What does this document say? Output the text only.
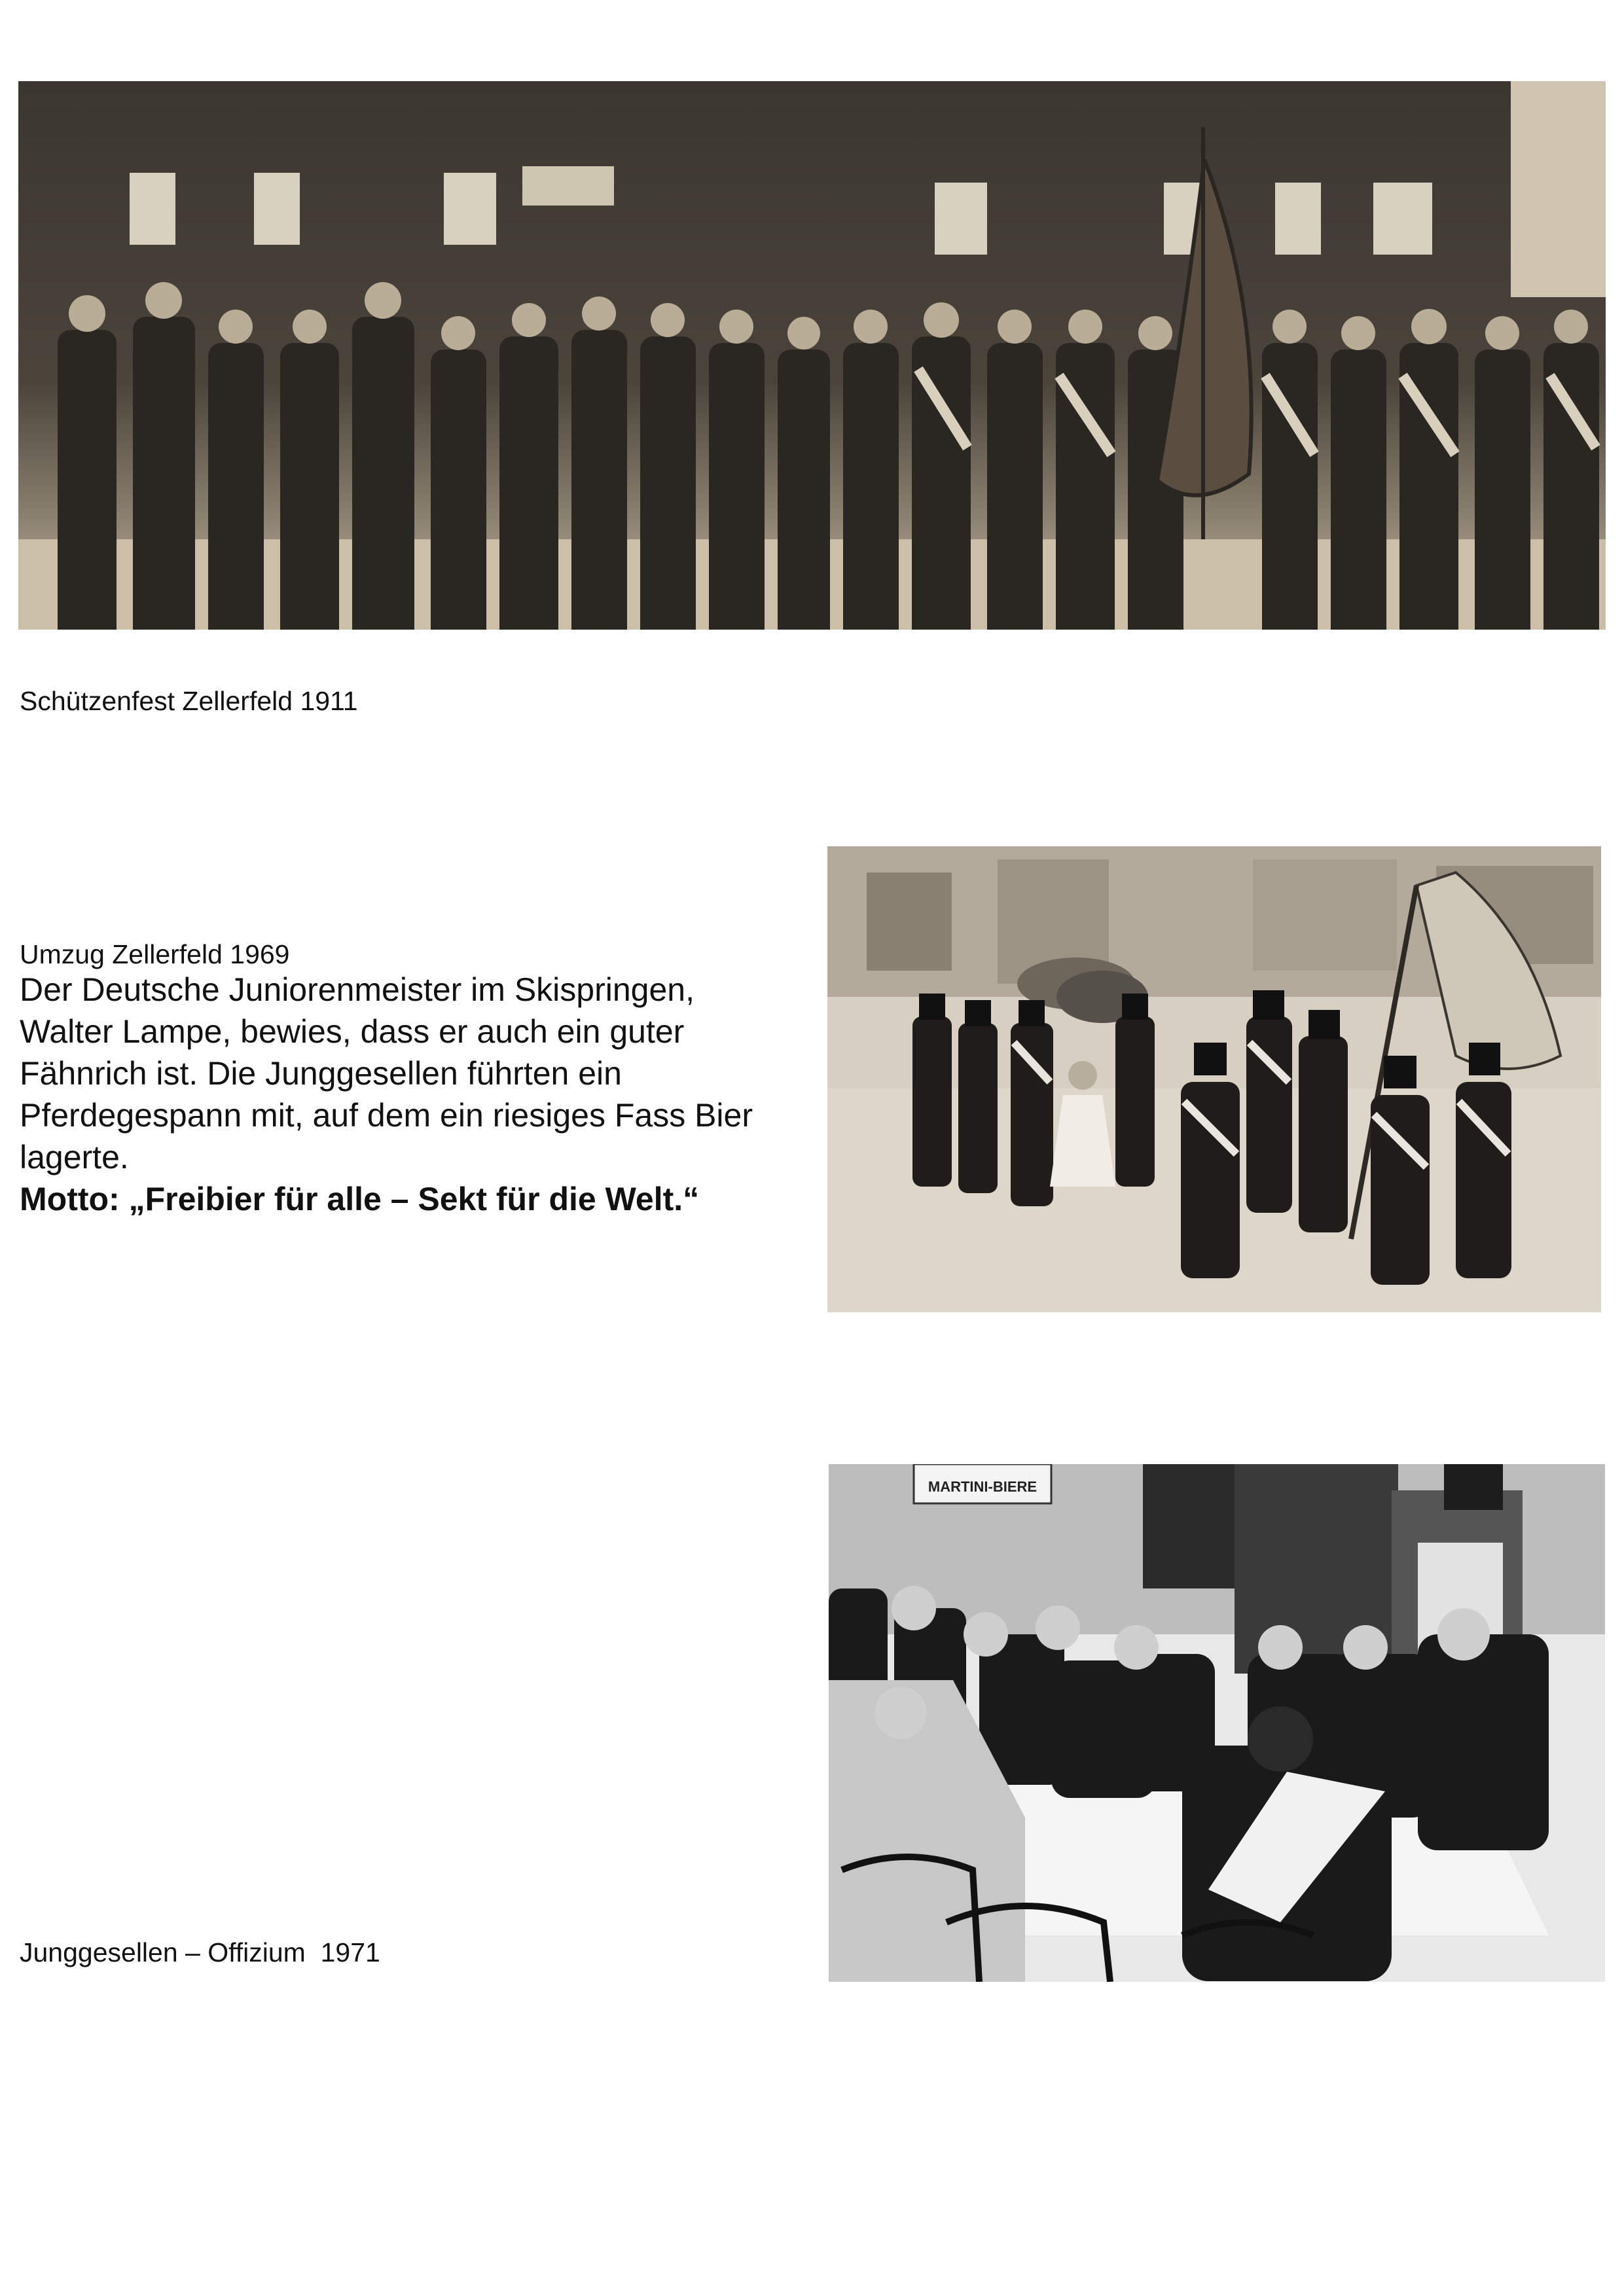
Schützenfest Zellerfeld 1911
Umzug Zellerfeld 1969

Der Deutsche Juniorenmeister im Skispringen, Walter Lampe, bewies, dass er auch ein guter Fähnrich ist. Die Junggesellen führten ein Pferdegespann mit, auf dem ein riesiges Fass Bier lagerte.

Motto: „Freibier für alle – Sekt für die Welt.“

MARTINI-BIERE
Junggesellen – Offizium  1971
